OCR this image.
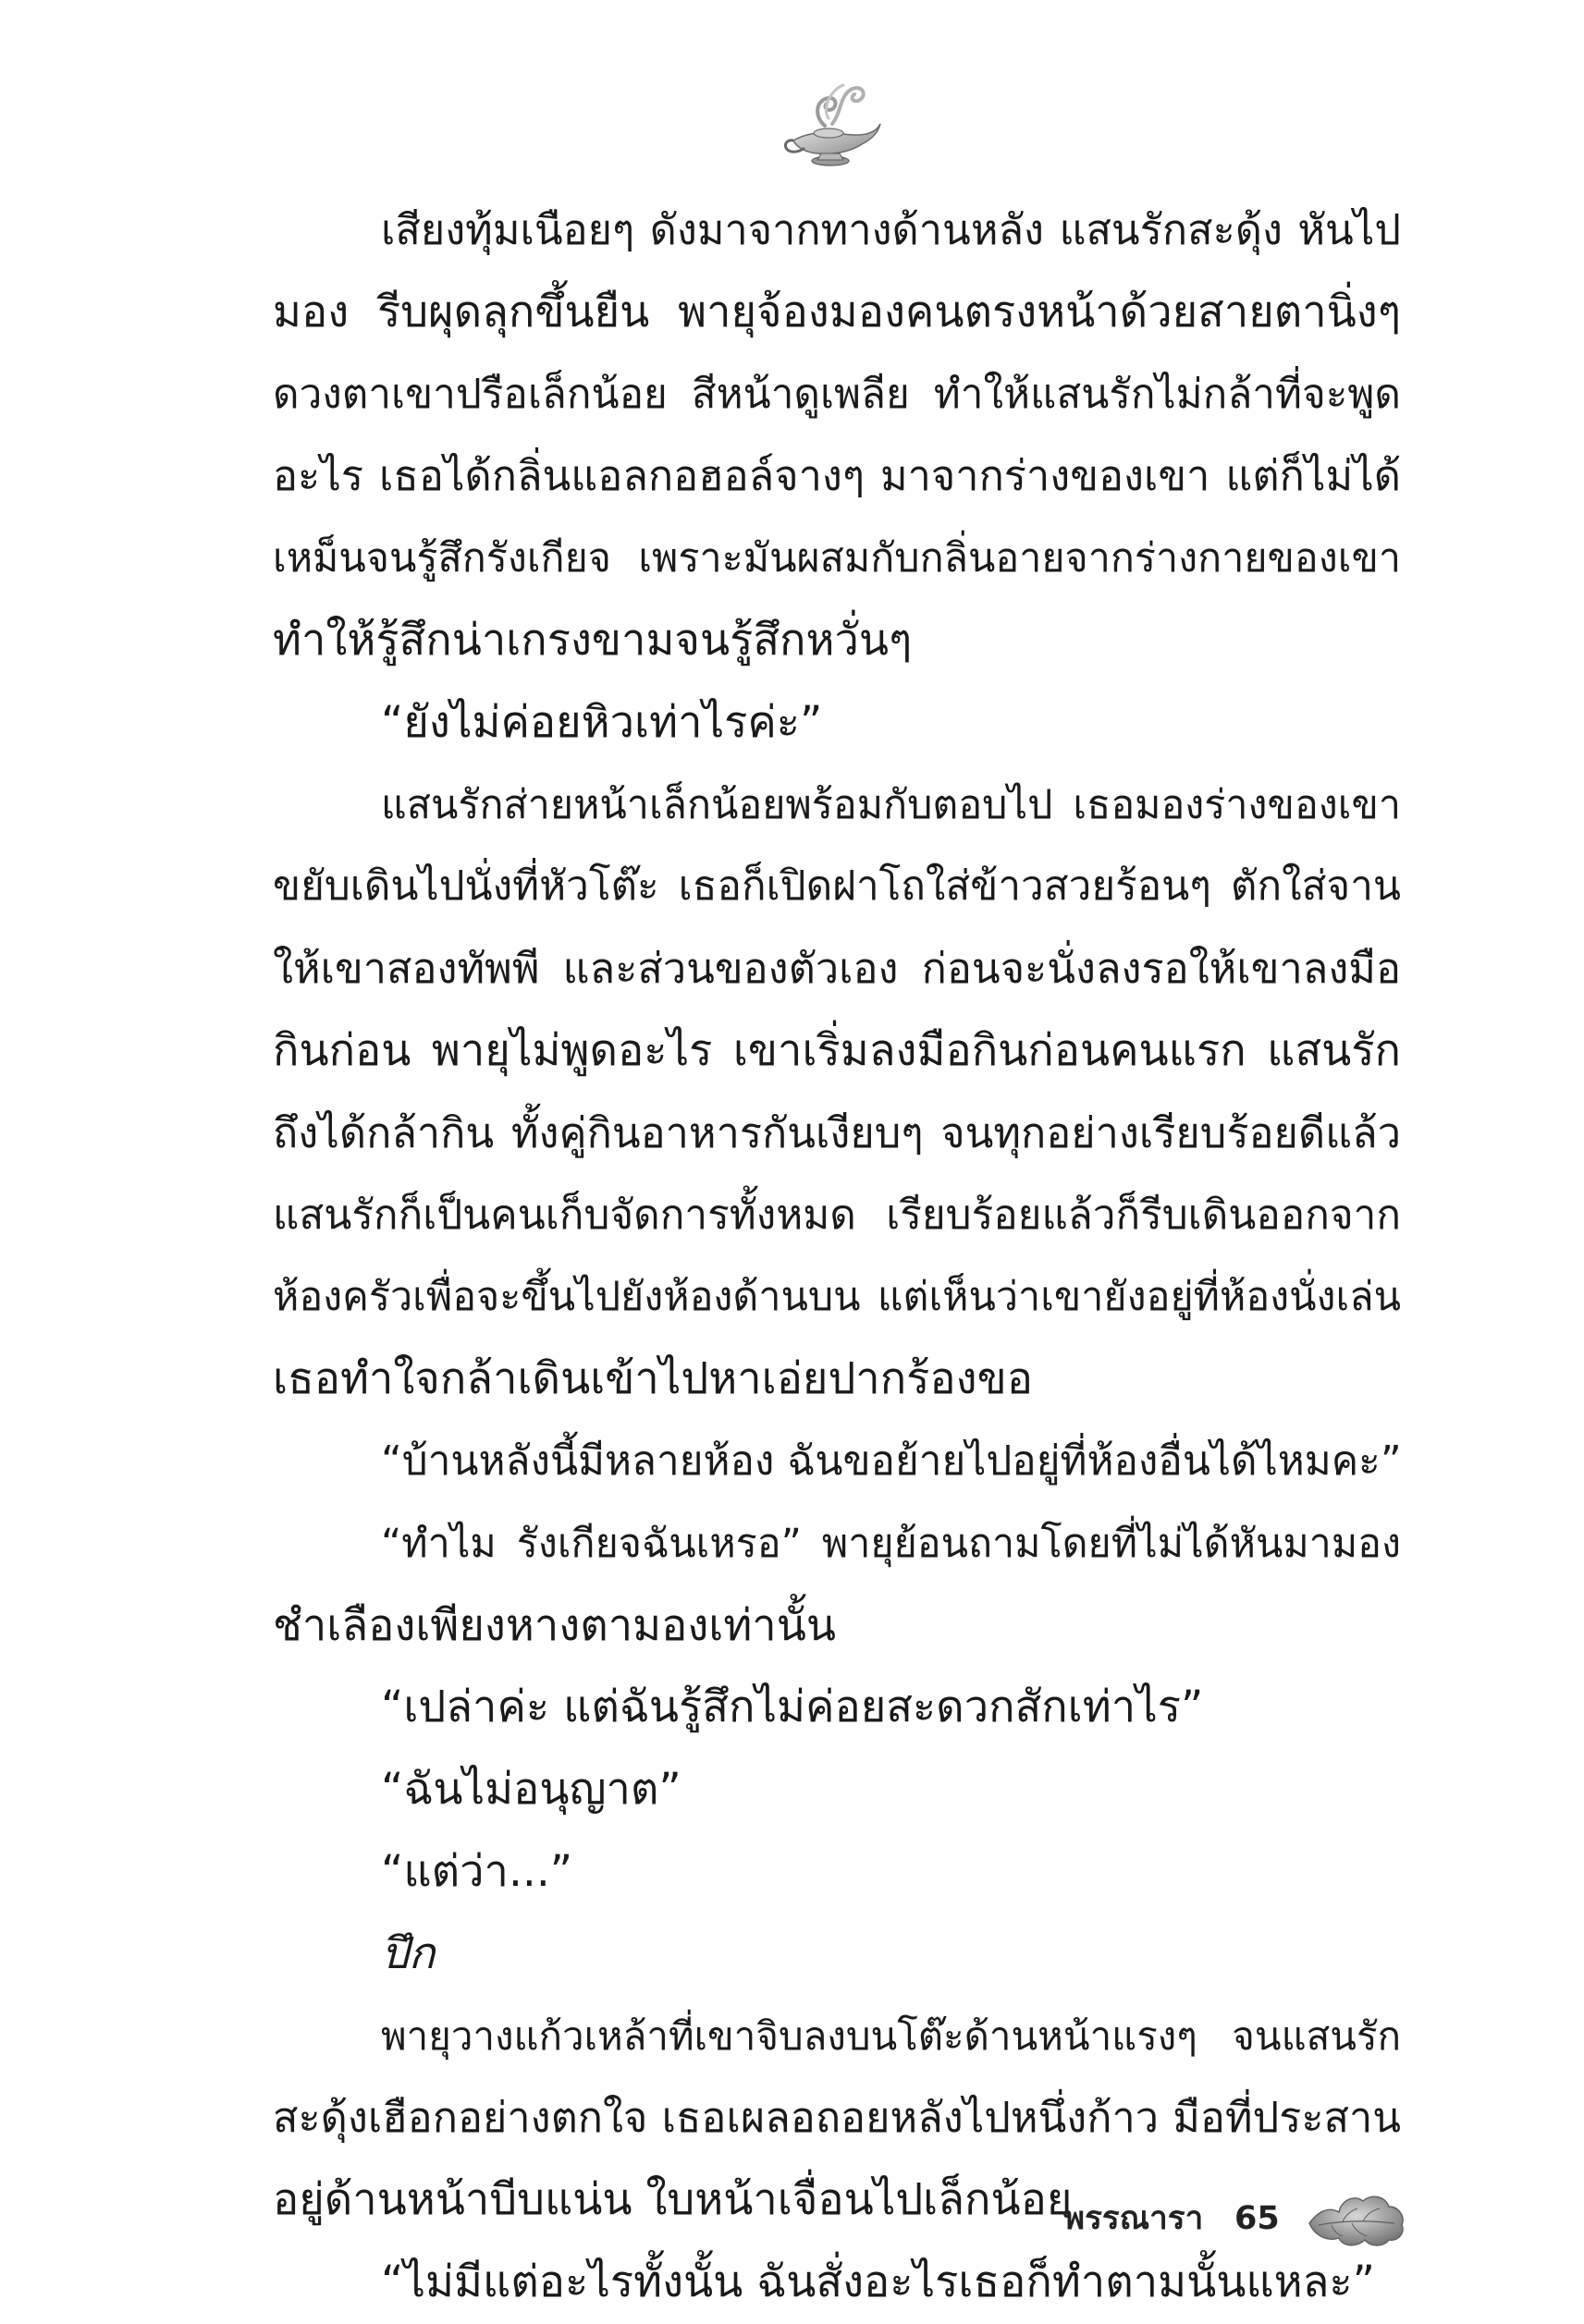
เสียงทุ้มเนือยๆ ดังมาจากทางด้านหลัง แสนรักสะดุ้ง หันไป
มอง รีบผุดลุกขึ้นยืน พายุจ้องมองคนตรงหน้าด้วยสายตานิ่งๆ
ดวงตาเขาปรือเล็กน้อย สีหน้าดูเพลีย ทำให้แสนรักไม่กล้าที่จะพูด
อะไร เธอได้กลิ่นแอลกอฮอล์จางๆ มาจากร่างของเขา แต่ก็ไม่ได้
เหม็นจนรู้สึกรังเกียจ เพราะมันผสมกับกลิ่นอายจากร่างกายของเขา
ทำให้รู้สึกน่าเกรงขามจนรู้สึกหวั่นๆ
“ยังไม่ค่อยหิวเท่าไรค่ะ”
แสนรักส่ายหน้าเล็กน้อยพร้อมกับตอบไป เธอมองร่างของเขา
ขยับเดินไปนั่งที่หัวโต๊ะ เธอก็เปิดฝาโถใส่ข้าวสวยร้อนๆ ตักใส่จาน
ให้เขาสองทัพพี และส่วนของตัวเอง ก่อนจะนั่งลงรอให้เขาลงมือ
กินก่อน พายุไม่พูดอะไร เขาเริ่มลงมือกินก่อนคนแรก แสนรัก
ถึงได้กล้ากิน ทั้งคู่กินอาหารกันเงียบๆ จนทุกอย่างเรียบร้อยดีแล้ว
แสนรักก็เป็นคนเก็บจัดการทั้งหมด เรียบร้อยแล้วก็รีบเดินออกจาก
ห้องครัวเพื่อจะขึ้นไปยังห้องด้านบน แต่เห็นว่าเขายังอยู่ที่ห้องนั่งเล่น
เธอทำใจกล้าเดินเข้าไปหาเอ่ยปากร้องขอ
“บ้านหลังนี้มีหลายห้อง ฉันขอย้ายไปอยู่ที่ห้องอื่นได้ไหมคะ”
“ทำไม รังเกียจฉันเหรอ” พายุย้อนถามโดยที่ไม่ได้หันมามอง
ชำเลืองเพียงหางตามองเท่านั้น
“เปล่าค่ะ แต่ฉันรู้สึกไม่ค่อยสะดวกสักเท่าไร”
“ฉันไม่อนุญาต”
“แต่ว่า...”
ปึก
พายุวางแก้วเหล้าที่เขาจิบลงบนโต๊ะด้านหน้าแรงๆ จนแสนรัก
สะดุ้งเฮือกอย่างตกใจ เธอเผลอถอยหลังไปหนึ่งก้าว มือที่ประสาน
อยู่ด้านหน้าบีบแน่น ใบหน้าเจื่อนไปเล็กน้อย
“ไม่มีแต่อะไรทั้งนั้น ฉันสั่งอะไรเธอก็ทำตามนั้นแหละ”
พรรณารา 65
